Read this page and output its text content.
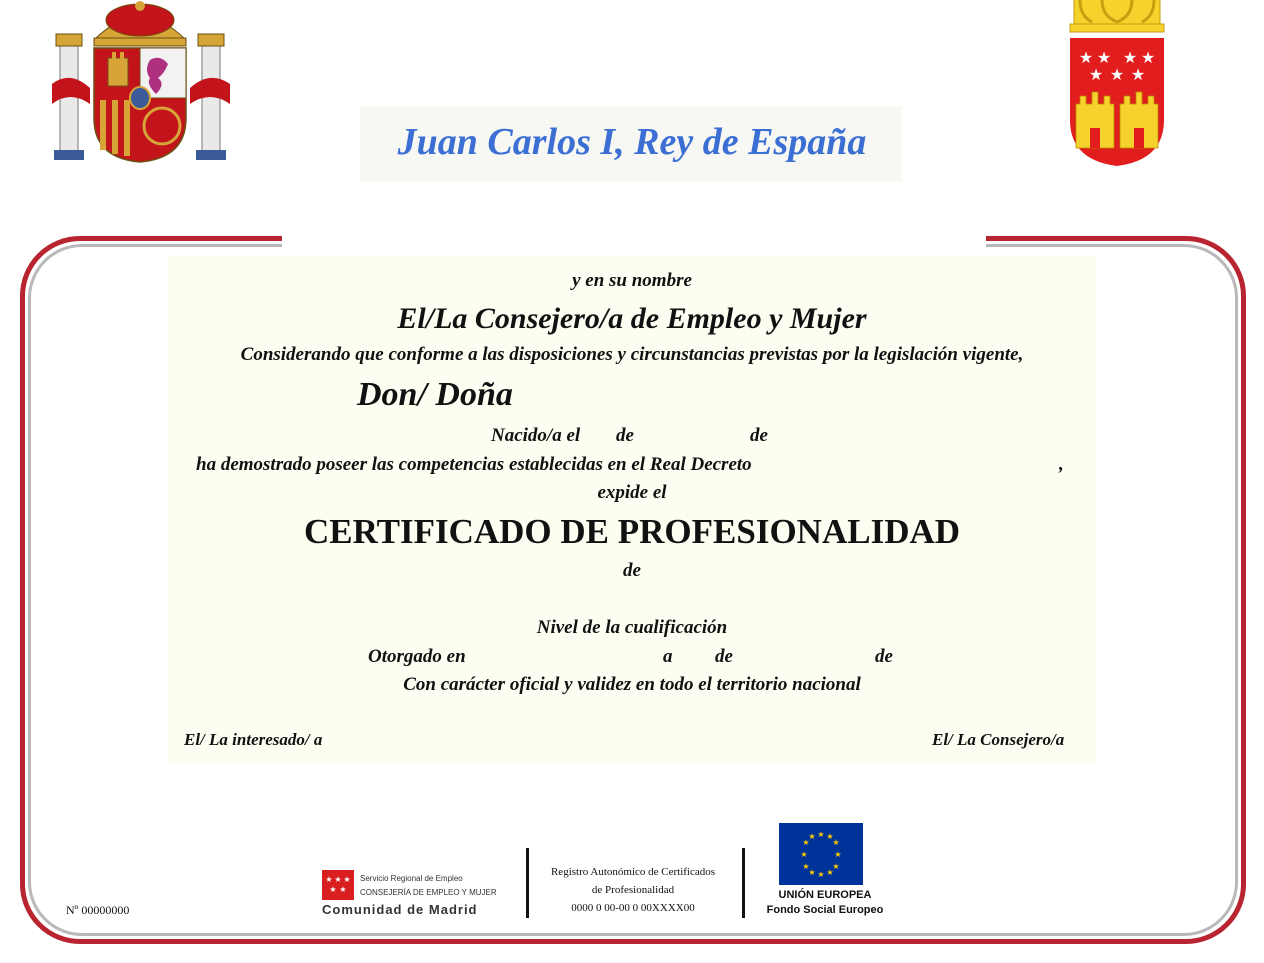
★ ★ ★ ★
★ ★ ★
Juan Carlos I, Rey de España
y en su nombre
El/La Consejero/a de Empleo y Mujer
Considerando que conforme a las disposiciones y circunstancias previstas por la legislación vigente,
Don/ Doña
Nacido/a el de	de
ha demostrado poseer las competencias establecidas en el Real Decreto	,
expide el
CERTIFICADO DE PROFESIONALIDAD
de
Nivel de la cualificación
Otorgado en	a de	de
Con carácter oficial y validez en todo el territorio nacional
El/ La interesado/ a	El/ La Consejero/a
Nº 00000000
★ ★ ★
★ ★
Servicio Regional de Empleo
CONSEJERÍA DE EMPLEO Y MUJER
Comunidad de Madrid
Registro Autonómico de Certificados
de Profesionalidad
0000 0 00-00 0 00XXXX00
★ ★
★
★
★
★
★
★
★
★
★
★
UNIÓN EUROPEA
Fondo Social Europeo
